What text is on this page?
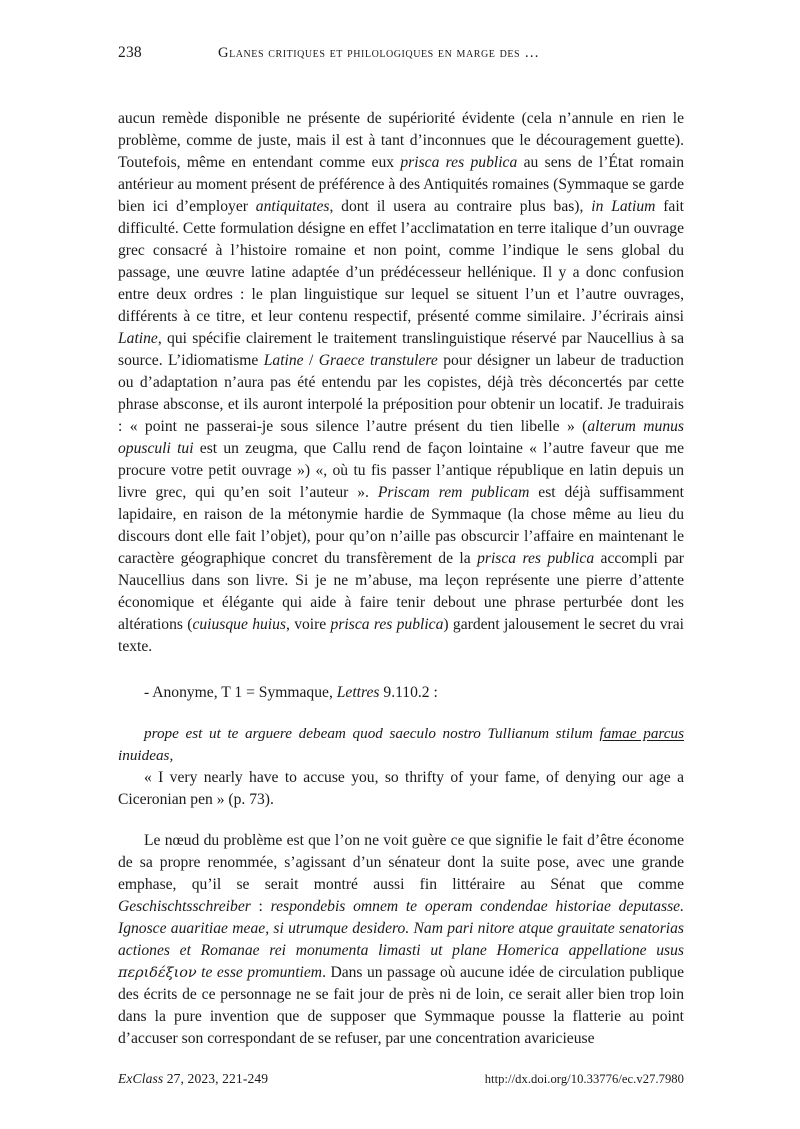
238	Glanes critiques et philologiques en marge des …

aucun remède disponible ne présente de supériorité évidente (cela n’annule en rien le problème, comme de juste, mais il est à tant d’inconnues que le découragement guette). Toutefois, même en entendant comme eux prisca res publica au sens de l’État romain antérieur au moment présent de préférence à des Antiquités romaines (Symmaque se garde bien ici d’employer antiquitates, dont il usera au contraire plus bas), in Latium fait difficulté. Cette formulation désigne en effet l’acclimatation en terre italique d’un ouvrage grec consacré à l’histoire romaine et non point, comme l’indique le sens global du passage, une œuvre latine adaptée d’un prédécesseur hellénique. Il y a donc confusion entre deux ordres : le plan linguistique sur lequel se situent l’un et l’autre ouvrages, différents à ce titre, et leur contenu respectif, présenté comme similaire. J’écrirais ainsi Latine, qui spécifie clairement le traitement translinguistique réservé par Naucellius à sa source. L’idiomatisme Latine / Graece transtulere pour désigner un labeur de traduction ou d’adaptation n’aura pas été entendu par les copistes, déjà très déconcertés par cette phrase absconse, et ils auront interpolé la préposition pour obtenir un locatif. Je traduirais : « point ne passerai-je sous silence l’autre présent du tien libelle » (alterum munus opusculi tui est un zeugma, que Callu rend de façon lointaine « l’autre faveur que me procure votre petit ouvrage ») «, où tu fis passer l’antique république en latin depuis un livre grec, qui qu’en soit l’auteur ». Priscam rem publicam est déjà suffisamment lapidaire, en raison de la métonymie hardie de Symmaque (la chose même au lieu du discours dont elle fait l’objet), pour qu’on n’aille pas obscurcir l’affaire en maintenant le caractère géographique concret du transfèrement de la prisca res publica accompli par Naucellius dans son livre. Si je ne m’abuse, ma leçon représente une pierre d’attente économique et élégante qui aide à faire tenir debout une phrase perturbée dont les altérations (cuiusque huius, voire prisca res publica) gardent jalousement le secret du vrai texte.

- Anonyme, T 1 = Symmaque, Lettres 9.110.2 :

prope est ut te arguere debeam quod saeculo nostro Tullianum stilum famae parcus inuideas,

« I very nearly have to accuse you, so thrifty of your fame, of denying our age a Ciceronian pen » (p. 73).

Le nœud du problème est que l’on ne voit guère ce que signifie le fait d’être économe de sa propre renommée, s’agissant d’un sénateur dont la suite pose, avec une grande emphase, qu’il se serait montré aussi fin littéraire au Sénat que comme Geschischtsschreiber : respondebis omnem te operam condendae historiae deputasse. Ignosce auaritiae meae, si utrumque desidero. Nam pari nitore atque grauitate senatorias actiones et Romanae rei monumenta limasti ut plane Homerica appellatione usus περιδέξιον te esse promuntiem. Dans un passage où aucune idée de circulation publique des écrits de ce personnage ne se fait jour de près ni de loin, ce serait aller bien trop loin dans la pure invention que de supposer que Symmaque pousse la flatterie au point d’accuser son correspondant de se refuser, par une concentration avaricieuse

ExClass 27, 2023, 221-249	http://dx.doi.org/10.33776/ec.v27.7980
